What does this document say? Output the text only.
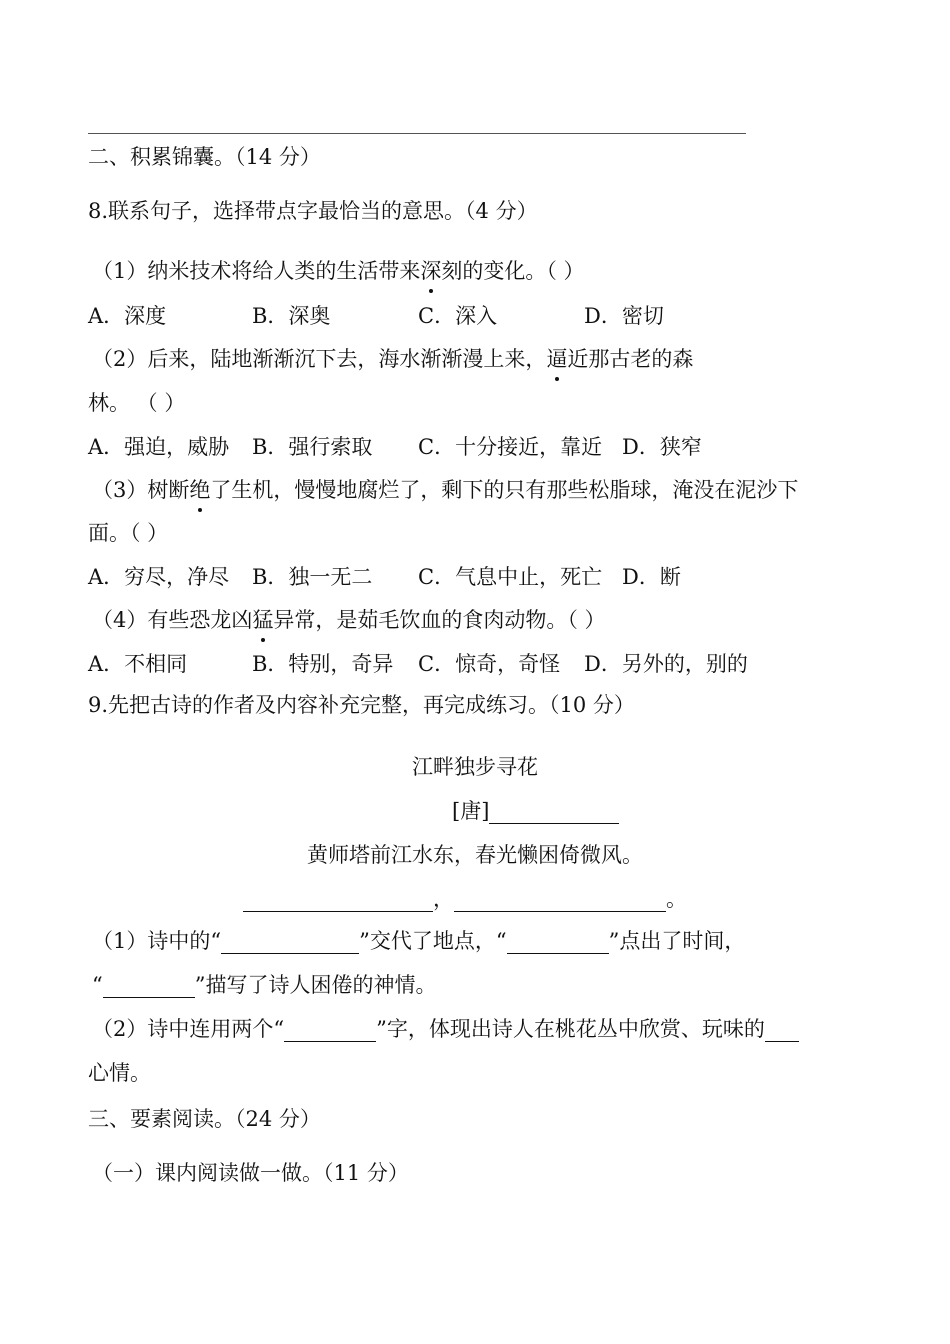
二、积累锦囊。（14 分）
8.联系句子，选择带点字最恰当的意思。（4 分）
（1）纳米技术将给人类的生活带来深刻的变化。（ ）
A．深度	B．深奥	C．深入	D．密切
（2）后来，陆地渐渐沉下去，海水渐渐漫上来，逼近那古老的森
林。 （ ）
A．强迫，威胁 B．强行索取 C．十分接近，靠近 D．狭窄
（3）树断绝了生机，慢慢地腐烂了，剩下的只有那些松脂球，淹没在泥沙下
面。（ ）
A．穷尽，净尽 B．独一无二 C．气息中止，死亡 D．断
（4）有些恐龙凶猛异常，是茹毛饮血的食肉动物。（ ）
A．不相同	B．特别，奇异 C．惊奇，奇怪 D．另外的，别的
9.先把古诗的作者及内容补充完整，再完成练习。（10 分）
江畔独步寻花
[唐]
黄师塔前江水东，春光懒困倚微风。
，	。
（1）诗中的“	”交代了地点，“	”点出了时间，
“	”描写了诗人困倦的神情。
（2）诗中连用两个“	”字，体现出诗人在桃花丛中欣赏、玩味的
心情。
三、要素阅读。（24 分）
（一）课内阅读做一做。（11 分）
